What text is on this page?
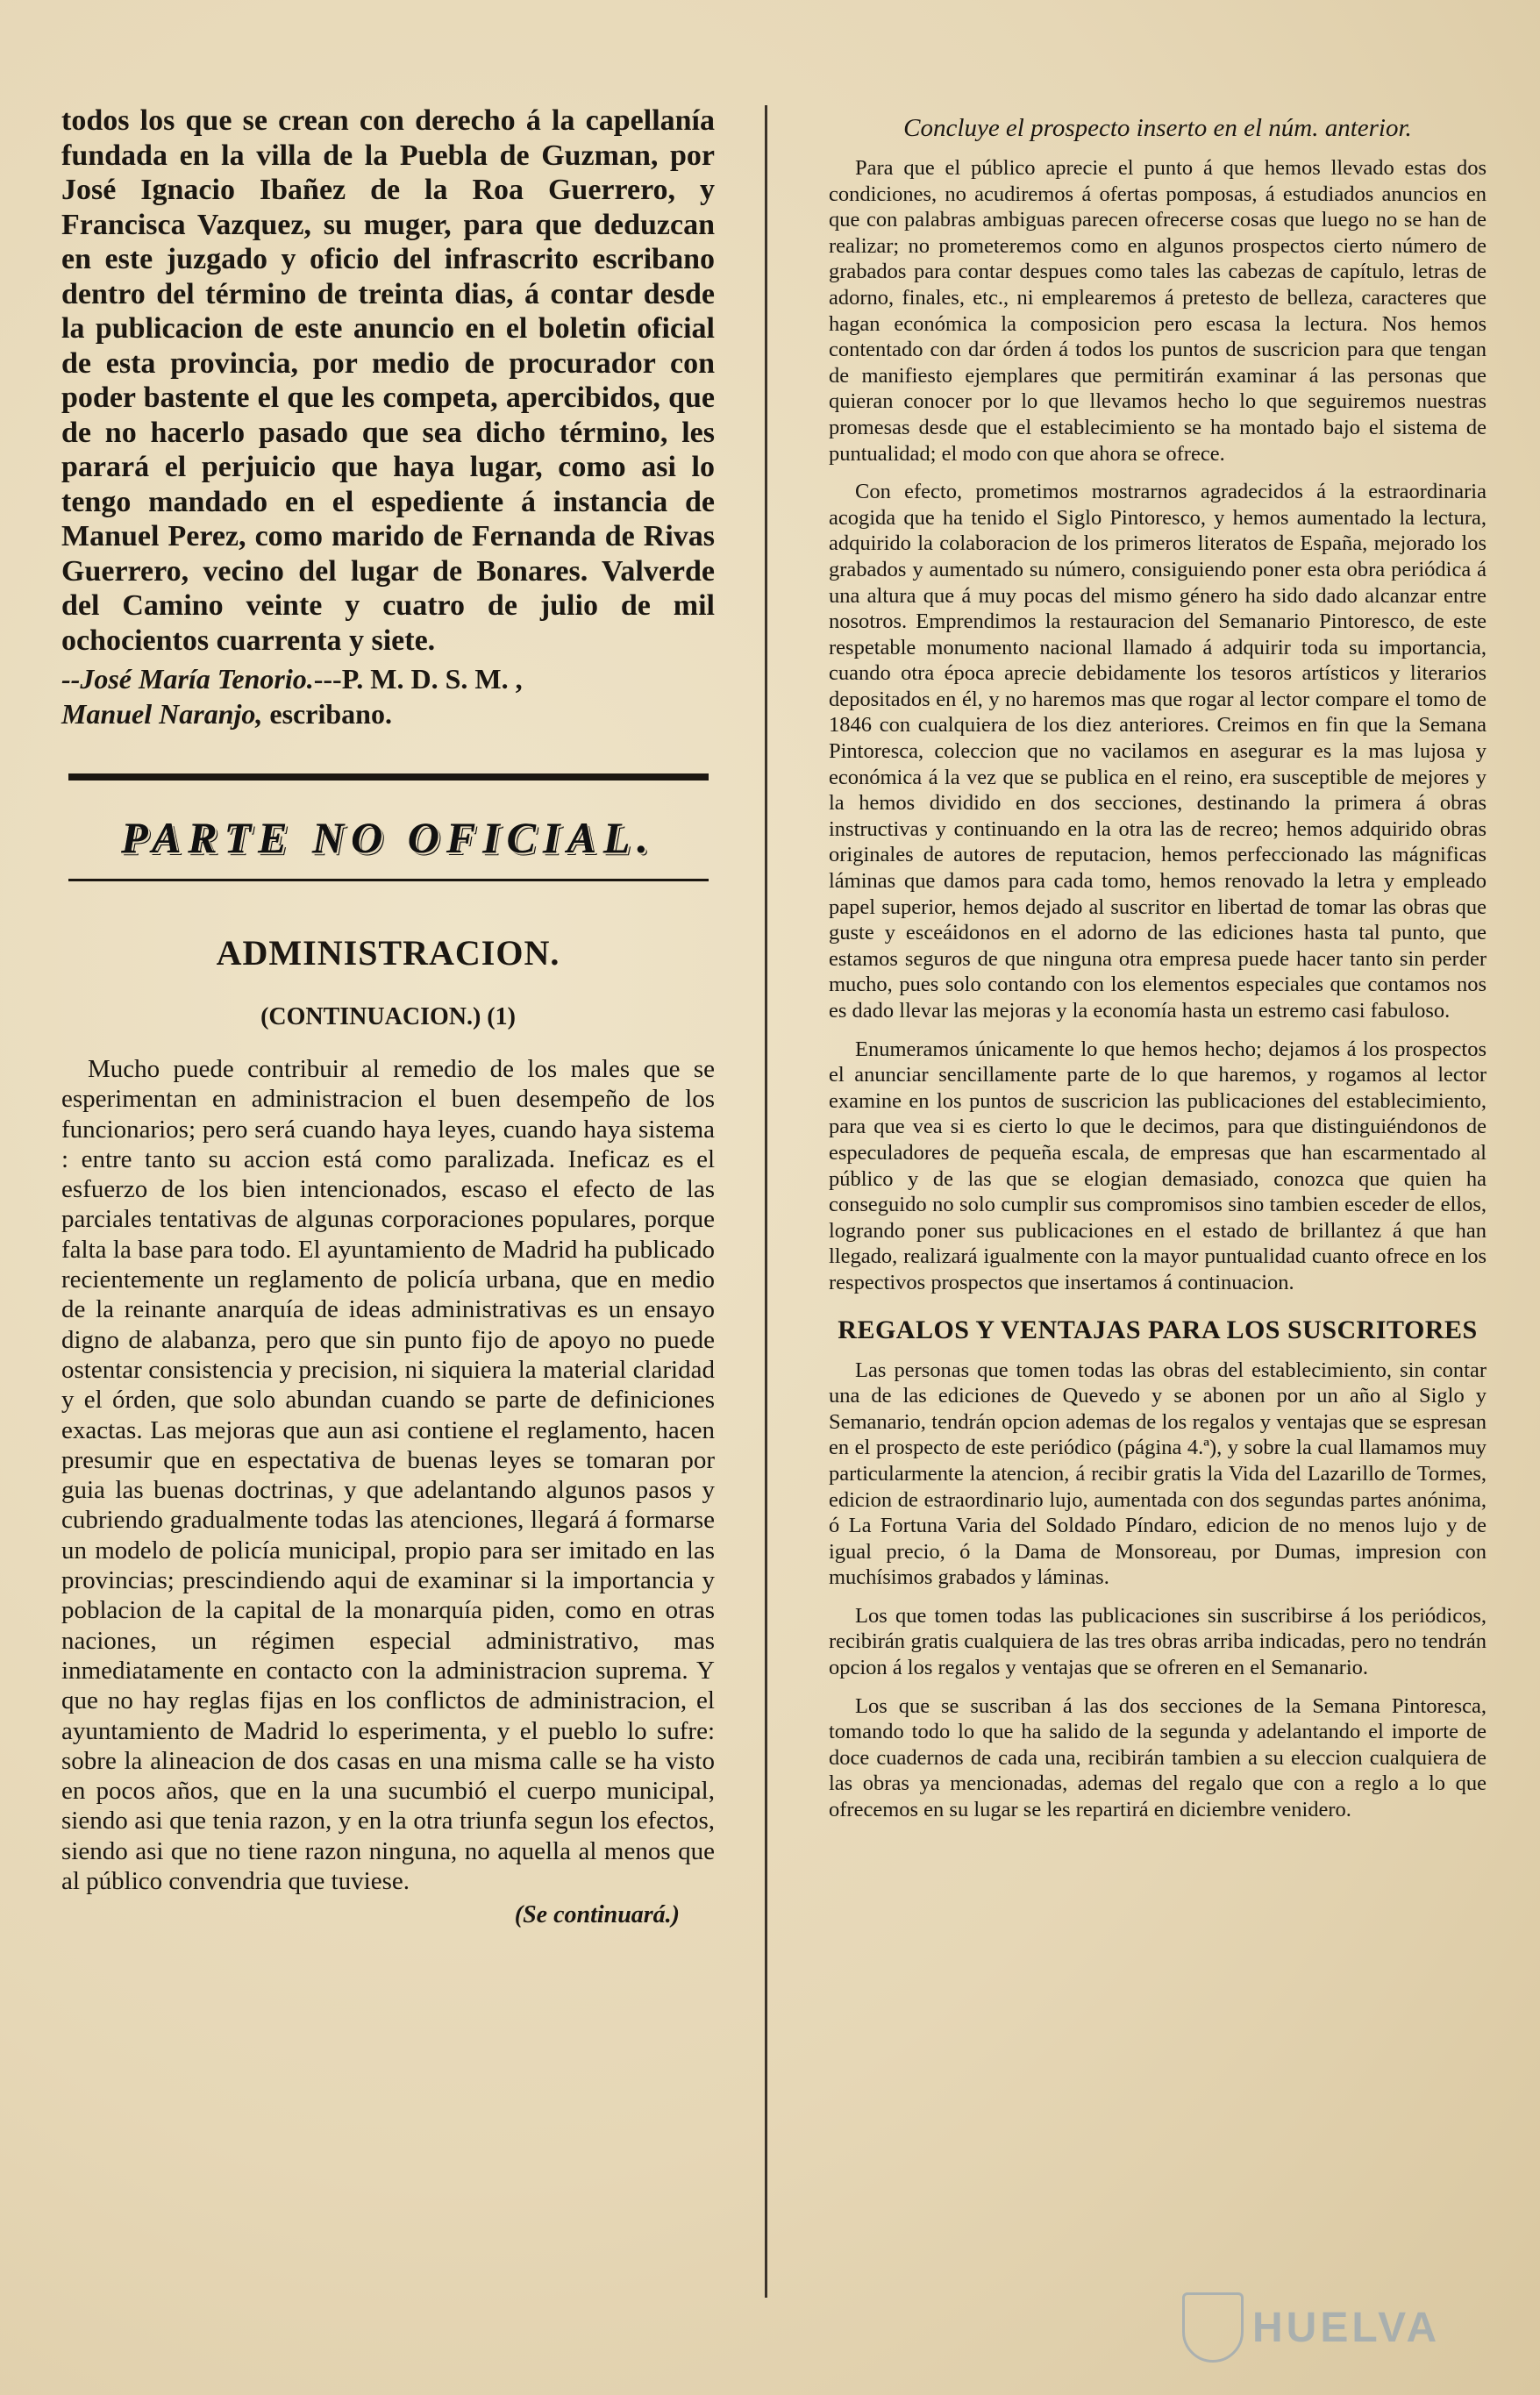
todos los que se crean con derecho á la capellanía fundada en la villa de la Puebla de Guzman, por José Ignacio Ibañez de la Roa Guerrero, y Francisca Vazquez, su muger, para que deduzcan en este juzgado y oficio del infrascrito escribano dentro del término de treinta dias, á contar desde la publicacion de este anuncio en el boletin oficial de esta provincia, por medio de procurador con poder bastente el que les competa, apercibidos, que de no hacerlo pasado que sea dicho término, les parará el perjuicio que haya lugar, como asi lo tengo mandado en el espediente á instancia de Manuel Perez, como marido de Fernanda de Rivas Guerrero, vecino del lugar de Bonares. Valverde del Camino veinte y cuatro de julio de mil ochocientos cuarrenta y siete.

--José María Tenorio.---P. M. D. S. M. ,
Manuel Naranjo, escribano.

PARTE NO OFICIAL.
ADMINISTRACION.
(CONTINUACION.) (1)

Mucho puede contribuir al remedio de los males que se esperimentan en administracion el buen desempeño de los funcionarios; pero será cuando haya leyes, cuando haya sistema : entre tanto su accion está como paralizada. Ineficaz es el esfuerzo de los bien intencionados, escaso el efecto de las parciales tentativas de algunas corporaciones populares, porque falta la base para todo. El ayuntamiento de Madrid ha publicado recientemente un reglamento de policía urbana, que en medio de la reinante anarquía de ideas administrativas es un ensayo digno de alabanza, pero que sin punto fijo de apoyo no puede ostentar consistencia y precision, ni siquiera la material claridad y el órden, que solo abundan cuando se parte de definiciones exactas. Las mejoras que aun asi contiene el reglamento, hacen presumir que en espectativa de buenas leyes se tomaran por guia las buenas doctrinas, y que adelantando algunos pasos y cubriendo gradualmente todas las atenciones, llegará á formarse un modelo de policía municipal, propio para ser imitado en las provincias; prescindiendo aqui de examinar si la importancia y poblacion de la capital de la monarquía piden, como en otras naciones, un régimen especial administrativo, mas inmediatamente en contacto con la administracion suprema. Y que no hay reglas fijas en los conflictos de administracion, el ayuntamiento de Madrid lo esperimenta, y el pueblo lo sufre: sobre la alineacion de dos casas en una misma calle se ha visto en pocos años, que en la una sucumbió el cuerpo municipal, siendo asi que tenia razon, y en la otra triunfa segun los efectos, siendo asi que no tiene razon ninguna, no aquella al menos que al público convendria que tuviese.

(Se continuará.)

Concluye el prospecto inserto en el núm. anterior.

Para que el público aprecie el punto á que hemos llevado estas dos condiciones, no acudiremos á ofertas pomposas, á estudiados anuncios en que con palabras ambiguas parecen ofrecerse cosas que luego no se han de realizar; no prometeremos como en algunos prospectos cierto número de grabados para contar despues como tales las cabezas de capítulo, letras de adorno, finales, etc., ni emplearemos á pretesto de belleza, caracteres que hagan económica la composicion pero escasa la lectura. Nos hemos contentado con dar órden á todos los puntos de suscricion para que tengan de manifiesto ejemplares que permitirán examinar á las personas que quieran conocer por lo que llevamos hecho lo que seguiremos nuestras promesas desde que el establecimiento se ha montado bajo el sistema de puntualidad; el modo con que ahora se ofrece.

Con efecto, prometimos mostrarnos agradecidos á la estraordinaria acogida que ha tenido el Siglo Pintoresco, y hemos aumentado la lectura, adquirido la colaboracion de los primeros literatos de España, mejorado los grabados y aumentado su número, consiguiendo poner esta obra periódica á una altura que á muy pocas del mismo género ha sido dado alcanzar entre nosotros. Emprendimos la restauracion del Semanario Pintoresco, de este respetable monumento nacional llamado á adquirir toda su importancia, cuando otra época aprecie debidamente los tesoros artísticos y literarios depositados en él, y no haremos mas que rogar al lector compare el tomo de 1846 con cualquiera de los diez anteriores. Creimos en fin que la Semana Pintoresca, coleccion que no vacilamos en asegurar es la mas lujosa y económica á la vez que se publica en el reino, era susceptible de mejores y la hemos dividido en dos secciones, destinando la primera á obras instructivas y continuando en la otra las de recreo; hemos adquirido obras originales de autores de reputacion, hemos perfeccionado las mágnificas láminas que damos para cada tomo, hemos renovado la letra y empleado papel superior, hemos dejado al suscritor en libertad de tomar las obras que guste y esceáidonos en el adorno de las ediciones hasta tal punto, que estamos seguros de que ninguna otra empresa puede hacer tanto sin perder mucho, pues solo contando con los elementos especiales que contamos nos es dado llevar las mejoras y la economía hasta un estremo casi fabuloso.

Enumeramos únicamente lo que hemos hecho; dejamos á los prospectos el anunciar sencillamente parte de lo que haremos, y rogamos al lector examine en los puntos de suscricion las publicaciones del establecimiento, para que vea si es cierto lo que le decimos, para que distinguiéndonos de especuladores de pequeña escala, de empresas que han escarmentado al público y de las que se elogian demasiado, conozca que quien ha conseguido no solo cumplir sus compromisos sino tambien esceder de ellos, logrando poner sus publicaciones en el estado de brillantez á que han llegado, realizará igualmente con la mayor puntualidad cuanto ofrece en los respectivos prospectos que insertamos á continuacion.

REGALOS Y VENTAJAS PARA LOS SUSCRITORES

Las personas que tomen todas las obras del establecimiento, sin contar una de las ediciones de Quevedo y se abonen por un año al Siglo y Semanario, tendrán opcion ademas de los regalos y ventajas que se espresan en el prospecto de este periódico (página 4.ª), y sobre la cual llamamos muy particularmente la atencion, á recibir gratis la Vida del Lazarillo de Tormes, edicion de estraordinario lujo, aumentada con dos segundas partes anónima, ó La Fortuna Varia del Soldado Píndaro, edicion de no menos lujo y de igual precio, ó la Dama de Monsoreau, por Dumas, impresion con muchísimos grabados y láminas.

Los que tomen todas las publicaciones sin suscribirse á los periódicos, recibirán gratis cualquiera de las tres obras arriba indicadas, pero no tendrán opcion á los regalos y ventajas que se ofreren en el Semanario.

Los que se suscriban á las dos secciones de la Semana Pintoresca, tomando todo lo que ha salido de la segunda y adelantando el importe de doce cuadernos de cada una, recibirán tambien a su eleccion cualquiera de las obras ya mencionadas, ademas del regalo que con a reglo a lo que ofrecemos en su lugar se les repartirá en diciembre venidero.

HUELVA
